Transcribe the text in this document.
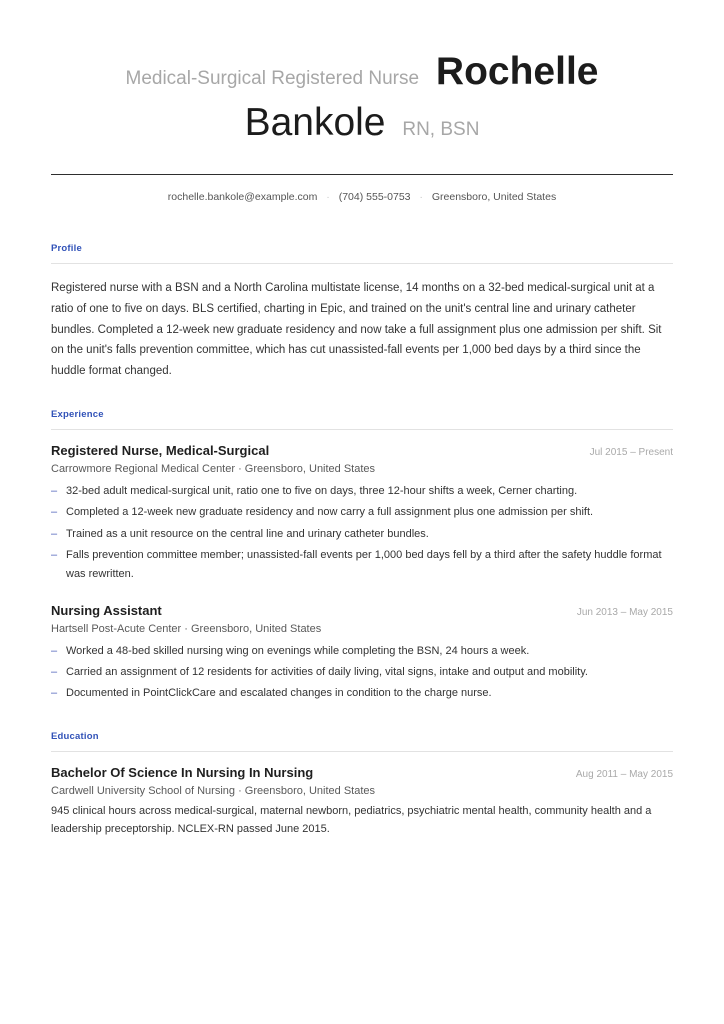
Medical-Surgical Registered Nurse Rochelle
Bankole RN, BSN
rochelle.bankole@example.com · (704) 555-0753 · Greensboro, United States
Profile

Registered nurse with a BSN and a North Carolina multistate license, 14 months on a 32-bed medical-surgical unit at a ratio of one to five on days. BLS certified, charting in Epic, and trained on the unit's central line and urinary catheter bundles. Completed a 12-week new graduate residency and now take a full assignment plus one admission per shift. Sit on the unit's falls prevention committee, which has cut unassisted-fall events per 1,000 bed days by a third since the huddle format changed.

Experience
Registered Nurse, Medical-Surgical	Jul 2015 – Present
Carrowmore Regional Medical Center · Greensboro, United States
– 32-bed adult medical-surgical unit, ratio one to five on days, three 12-hour shifts a week, Cerner charting.
– Completed a 12-week new graduate residency and now carry a full assignment plus one admission per shift.
– Trained as a unit resource on the central line and urinary catheter bundles.
– Falls prevention committee member; unassisted-fall events per 1,000 bed days fell by a third after the safety huddle format was rewritten.
Nursing Assistant	Jun 2013 – May 2015
Hartsell Post-Acute Center · Greensboro, United States
– Worked a 48-bed skilled nursing wing on evenings while completing the BSN, 24 hours a week.
– Carried an assignment of 12 residents for activities of daily living, vital signs, intake and output and mobility.
– Documented in PointClickCare and escalated changes in condition to the charge nurse.
Education
Bachelor Of Science In Nursing In Nursing	Aug 2011 – May 2015
Cardwell University School of Nursing · Greensboro, United States

945 clinical hours across medical-surgical, maternal newborn, pediatrics, psychiatric mental health, community health and a leadership preceptorship. NCLEX-RN passed June 2015.
